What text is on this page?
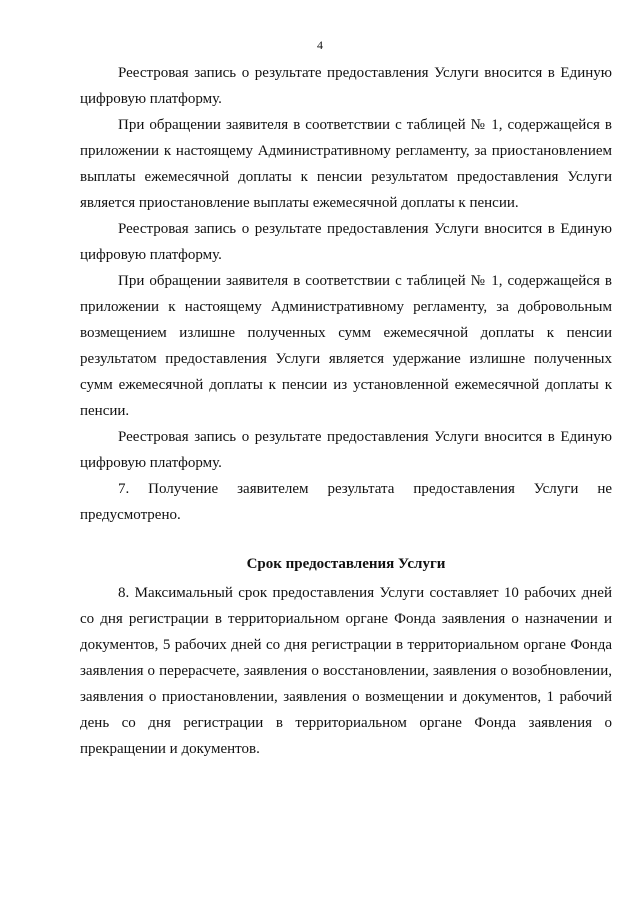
4

Реестровая запись о результате предоставления Услуги вносится в Единую цифровую платформу.

При обращении заявителя в соответствии с таблицей № 1, содержащейся в приложении к настоящему Административному регламенту, за приостановлением выплаты ежемесячной доплаты к пенсии результатом предоставления Услуги является приостановление выплаты ежемесячной доплаты к пенсии.

Реестровая запись о результате предоставления Услуги вносится в Единую цифровую платформу.

При обращении заявителя в соответствии с таблицей № 1, содержащейся в приложении к настоящему Административному регламенту, за добровольным возмещением излишне полученных сумм ежемесячной доплаты к пенсии результатом предоставления Услуги является удержание излишне полученных сумм ежемесячной доплаты к пенсии из установленной ежемесячной доплаты к пенсии.

Реестровая запись о результате предоставления Услуги вносится в Единую цифровую платформу.

7. Получение заявителем результата предоставления Услуги не предусмотрено.

Срок предоставления Услуги

8. Максимальный срок предоставления Услуги составляет 10 рабочих дней со дня регистрации в территориальном органе Фонда заявления о назначении и документов, 5 рабочих дней со дня регистрации в территориальном органе Фонда заявления о перерасчете, заявления о восстановлении, заявления о возобновлении, заявления о приостановлении, заявления о возмещении и документов, 1 рабочий день со дня регистрации в территориальном органе Фонда заявления о прекращении и документов.
